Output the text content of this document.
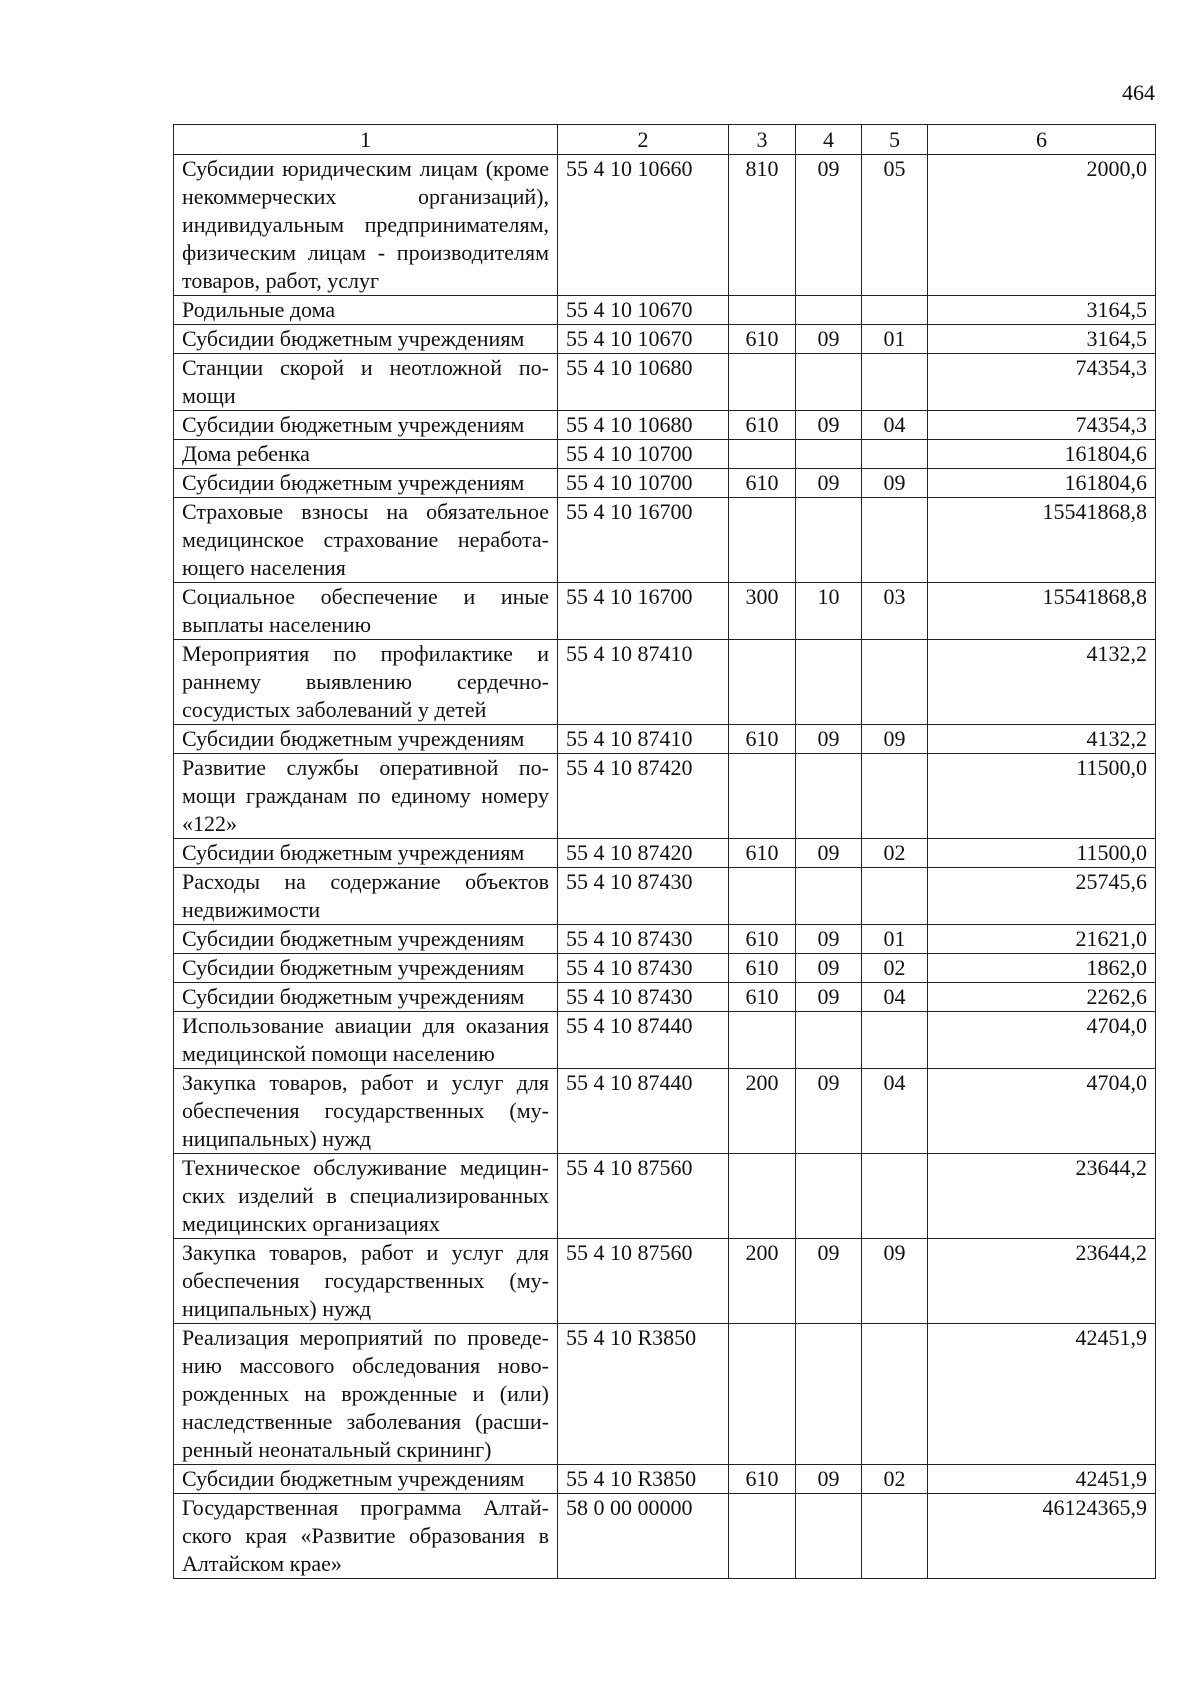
464
1	2	3	4	5	6
Субсидии юридическим лицам (кроме некоммерческих организаций), индивидуальным предпринимателям, физическим лицам - производителям товаров, работ, услуг	55 4 10 10660	810	09	05	2000,0
Родильные дома	55 4 10 10670				3164,5
Субсидии бюджетным учреждениям	55 4 10 10670	610	09	01	3164,5
Станции скорой и неотложной помощи	55 4 10 10680				74354,3
Субсидии бюджетным учреждениям	55 4 10 10680	610	09	04	74354,3
Дома ребенка	55 4 10 10700				161804,6
Субсидии бюджетным учреждениям	55 4 10 10700	610	09	09	161804,6
Страховые взносы на обязательное медицинское страхование неработающего населения	55 4 10 16700				15541868,8
Социальное обеспечение и иные выплаты населению	55 4 10 16700	300	10	03	15541868,8
Мероприятия по профилактике и раннему выявлению сердечнососудистых заболеваний у детей	55 4 10 87410				4132,2
Субсидии бюджетным учреждениям	55 4 10 87410	610	09	09	4132,2
Развитие службы оперативной помощи гражданам по единому номеру «122»	55 4 10 87420				11500,0
Субсидии бюджетным учреждениям	55 4 10 87420	610	09	02	11500,0
Расходы на содержание объектов недвижимости	55 4 10 87430				25745,6
Субсидии бюджетным учреждениям	55 4 10 87430	610	09	01	21621,0
Субсидии бюджетным учреждениям	55 4 10 87430	610	09	02	1862,0
Субсидии бюджетным учреждениям	55 4 10 87430	610	09	04	2262,6
Использование авиации для оказания медицинской помощи населению	55 4 10 87440				4704,0
Закупка товаров, работ и услуг для обеспечения государственных (муниципальных) нужд	55 4 10 87440	200	09	04	4704,0
Техническое обслуживание медицинских изделий в специализированных медицинских организациях	55 4 10 87560				23644,2
Закупка товаров, работ и услуг для обеспечения государственных (муниципальных) нужд	55 4 10 87560	200	09	09	23644,2
Реализация мероприятий по проведению массового обследования новорожденных на врожденные и (или) наследственные заболевания (расширенный неонатальный скрининг)	55 4 10 R3850				42451,9
Субсидии бюджетным учреждениям	55 4 10 R3850	610	09	02	42451,9
Государственная программа Алтайского края «Развитие образования в Алтайском крае»	58 0 00 00000				46124365,9
